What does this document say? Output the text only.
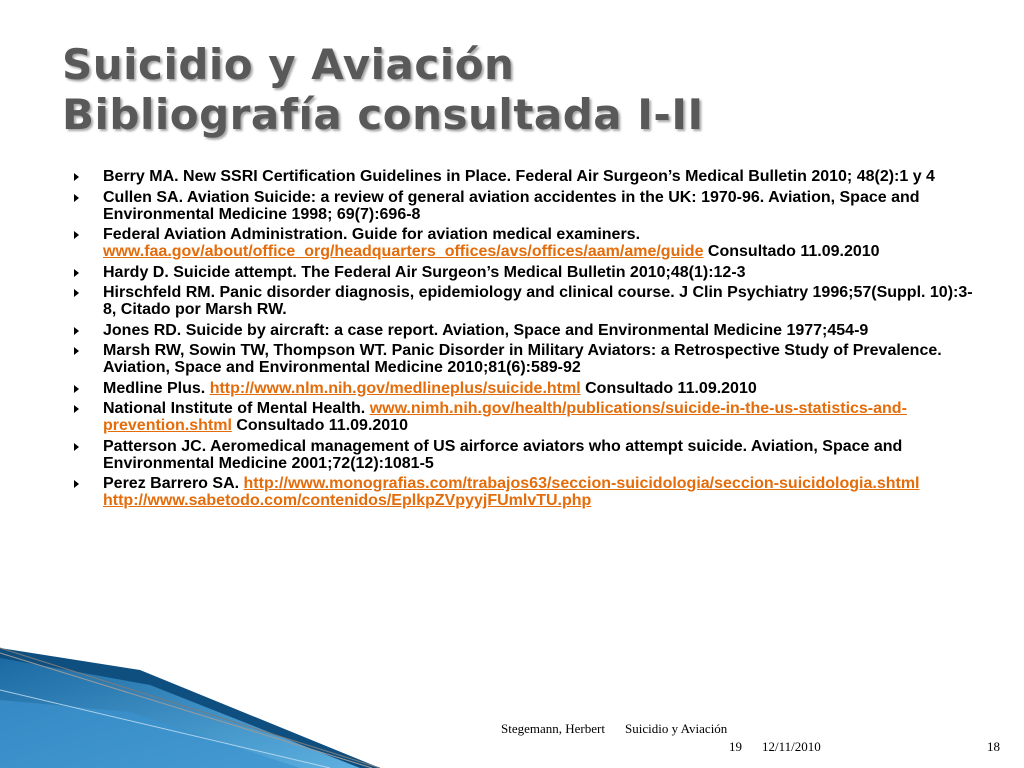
Suicidio y Aviación
Bibliografía consultada I-II
Berry MA. New SSRI Certification Guidelines in Place. Federal Air Surgeon’s Medical Bulletin 2010; 48(2):1 y 4
Cullen SA. Aviation Suicide: a review of general aviation accidentes in the UK: 1970-96. Aviation, Space and Environmental Medicine 1998; 69(7):696-8
Federal Aviation Administration. Guide for aviation medical examiners. www.faa.gov/about/office_org/headquarters_offices/avs/offices/aam/ame/guide Consultado 11.09.2010
Hardy D. Suicide attempt. The Federal Air Surgeon’s Medical Bulletin 2010;48(1):12-3
Hirschfeld RM. Panic disorder diagnosis, epidemiology and clinical course. J Clin Psychiatry 1996;57(Suppl. 10):3-8, Citado por Marsh RW.
Jones RD. Suicide by aircraft: a case report. Aviation, Space and Environmental Medicine 1977;454-9
Marsh RW, Sowin TW, Thompson WT. Panic Disorder in Military Aviators: a Retrospective Study of Prevalence. Aviation, Space and Environmental Medicine 2010;81(6):589-92
Medline Plus. http://www.nlm.nih.gov/medlineplus/suicide.html Consultado 11.09.2010
National Institute of Mental Health. www.nimh.nih.gov/health/publications/suicide-in-the-us-statistics-and-prevention.shtml Consultado 11.09.2010
Patterson JC. Aeromedical management of US airforce aviators who attempt suicide. Aviation, Space and Environmental Medicine 2001;72(12):1081-5
Perez Barrero SA. http://www.monografias.com/trabajos63/seccion-suicidologia/seccion-suicidologia.shtml http://www.sabetodo.com/contenidos/EplkpZVpyyjFUmlvTU.php
Stegemann, Herbert Suicidio y Aviación
19 12/11/2010	18
